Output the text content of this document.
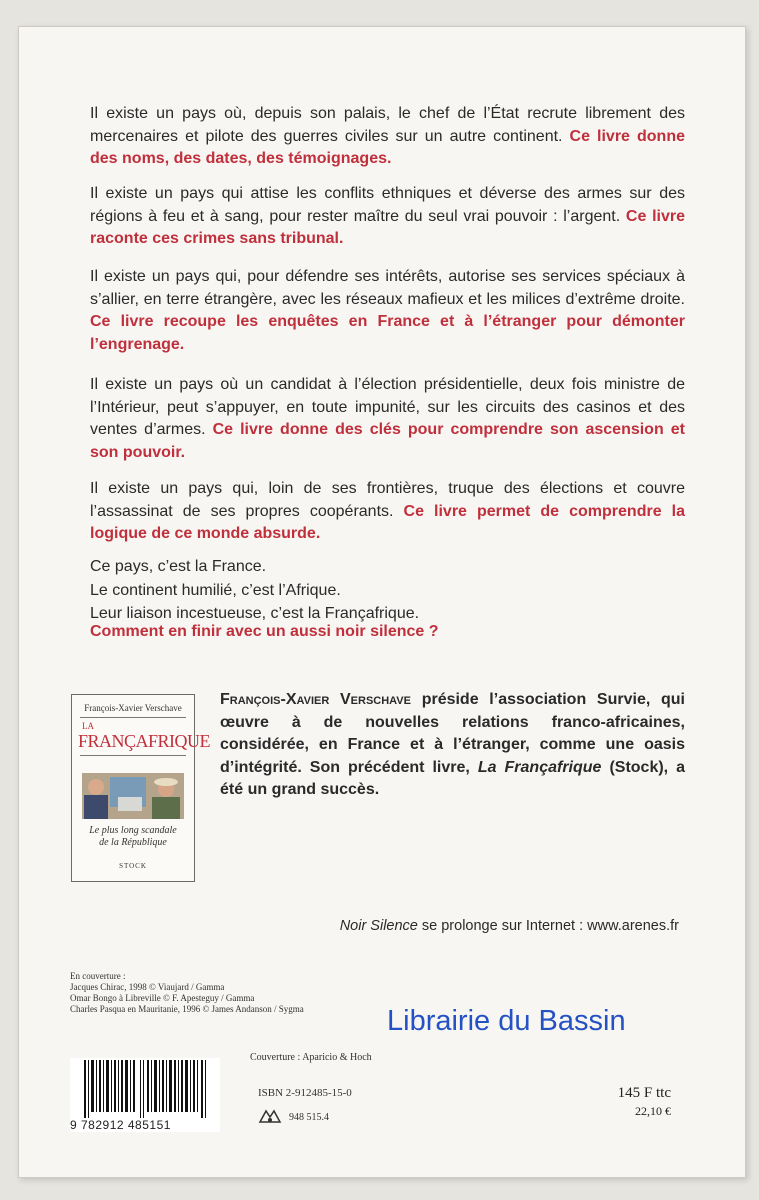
Il existe un pays où, depuis son palais, le chef de l’État recrute librement des mercenaires et pilote des guerres civiles sur un autre continent. Ce livre donne des noms, des dates, des témoignages.
Il existe un pays qui attise les conflits ethniques et déverse des armes sur des régions à feu et à sang, pour rester maître du seul vrai pouvoir : l’argent. Ce livre raconte ces crimes sans tribunal.
Il existe un pays qui, pour défendre ses intérêts, autorise ses services spéciaux à s’allier, en terre étrangère, avec les réseaux mafieux et les milices d’extrême droite. Ce livre recoupe les enquêtes en France et à l’étranger pour démonter l’engrenage.
Il existe un pays où un candidat à l’élection présidentielle, deux fois ministre de l’Intérieur, peut s’appuyer, en toute impunité, sur les circuits des casinos et des ventes d’armes. Ce livre donne des clés pour comprendre son ascension et son pouvoir.
Il existe un pays qui, loin de ses frontières, truque des élections et couvre l’assassinat de ses propres coopérants. Ce livre permet de comprendre la logique de ce monde absurde.
Ce pays, c’est la France.
Le continent humilié, c’est l’Afrique.
Leur liaison incestueuse, c’est la Françafrique.
Comment en finir avec un aussi noir silence ?
François-Xavier Verschave
LA
FRANÇAFRIQUE
Le plus long scandale
de la République
STOCK
François-Xavier Verschave préside l’association Survie, qui œuvre à de nouvelles relations franco-africaines, considérée, en France et à l’étranger, comme une oasis d’intégrité. Son précédent livre, La Françafrique (Stock), a été un grand succès.
Noir Silence se prolonge sur Internet : www.arenes.fr
En couverture :
Jacques Chirac, 1998 © Viaujard / Gamma
Omar Bongo à Libreville © F. Apesteguy / Gamma
Charles Pasqua en Mauritanie, 1996 © James Andanson / Sygma	Librairie du Bassin
9 782912 485151
Couverture : Aparicio & Hoch
ISBN 2-912485-15-0
948 515.4
145 F ttc
22,10 €
